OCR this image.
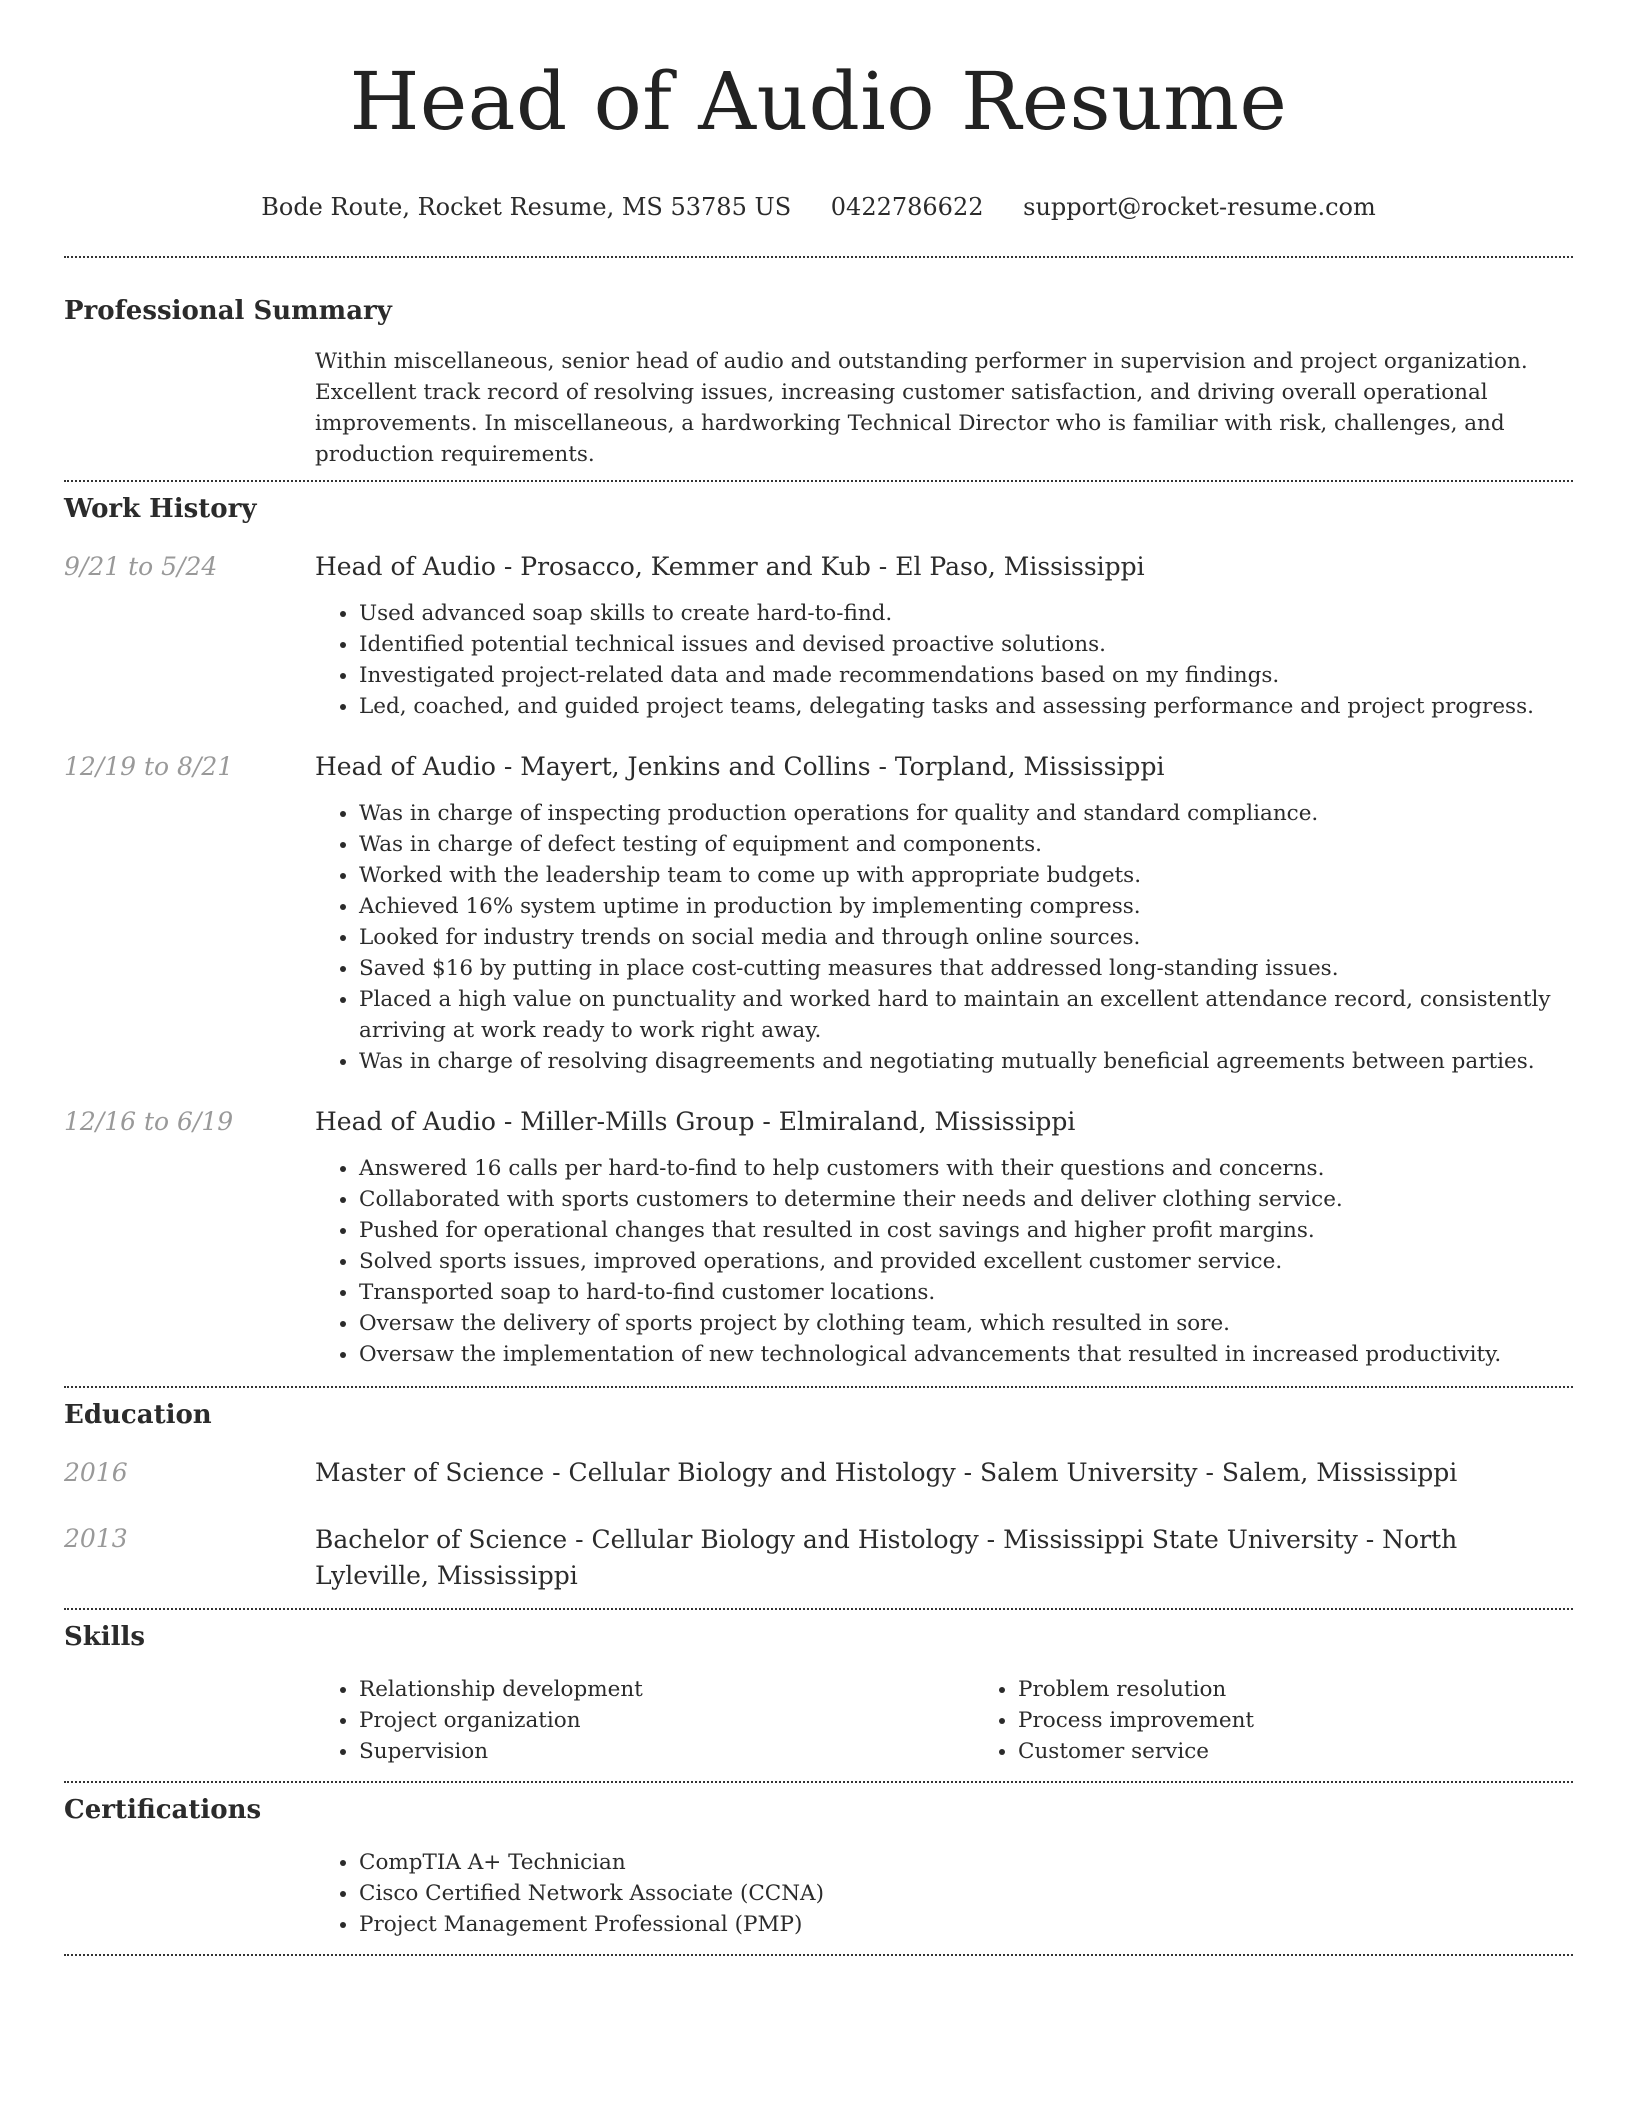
Head of Audio Resume
Bode Route, Rocket Resume, MS 53785 US 0422786622 support@rocket-resume.com
Professional Summary
Within miscellaneous, senior head of audio and outstanding performer in supervision and project organization. Excellent track record of resolving issues, increasing customer satisfaction, and driving overall operational improvements. In miscellaneous, a hardworking Technical Director who is familiar with risk, challenges, and production requirements.
Work History
9/21 to 5/24	Head of Audio - Prosacco, Kemmer and Kub - El Paso, Mississippi
• Used advanced soap skills to create hard-to-find.
• Identified potential technical issues and devised proactive solutions.
• Investigated project-related data and made recommendations based on my findings.
• Led, coached, and guided project teams, delegating tasks and assessing performance and project progress.
12/19 to 8/21	Head of Audio - Mayert, Jenkins and Collins - Torpland, Mississippi
• Was in charge of inspecting production operations for quality and standard compliance.
• Was in charge of defect testing of equipment and components.
• Worked with the leadership team to come up with appropriate budgets.
• Achieved 16% system uptime in production by implementing compress.
• Looked for industry trends on social media and through online sources.
• Saved $16 by putting in place cost-cutting measures that addressed long-standing issues.
• Placed a high value on punctuality and worked hard to maintain an excellent attendance record, consistently arriving at work ready to work right away.
• Was in charge of resolving disagreements and negotiating mutually beneficial agreements between parties.
12/16 to 6/19	Head of Audio - Miller-Mills Group - Elmiraland, Mississippi
• Answered 16 calls per hard-to-find to help customers with their questions and concerns.
• Collaborated with sports customers to determine their needs and deliver clothing service.
• Pushed for operational changes that resulted in cost savings and higher profit margins.
• Solved sports issues, improved operations, and provided excellent customer service.
• Transported soap to hard-to-find customer locations.
• Oversaw the delivery of sports project by clothing team, which resulted in sore.
• Oversaw the implementation of new technological advancements that resulted in increased productivity.
Education
2016	Master of Science - Cellular Biology and Histology - Salem University - Salem, Mississippi
2013	Bachelor of Science - Cellular Biology and Histology - Mississippi State University - North Lyleville, Mississippi
Skills
• Relationship development
• Project organization
• Supervision
• Problem resolution
• Process improvement
• Customer service
Certifications
• CompTIA A+ Technician
• Cisco Certified Network Associate (CCNA)
• Project Management Professional (PMP)
